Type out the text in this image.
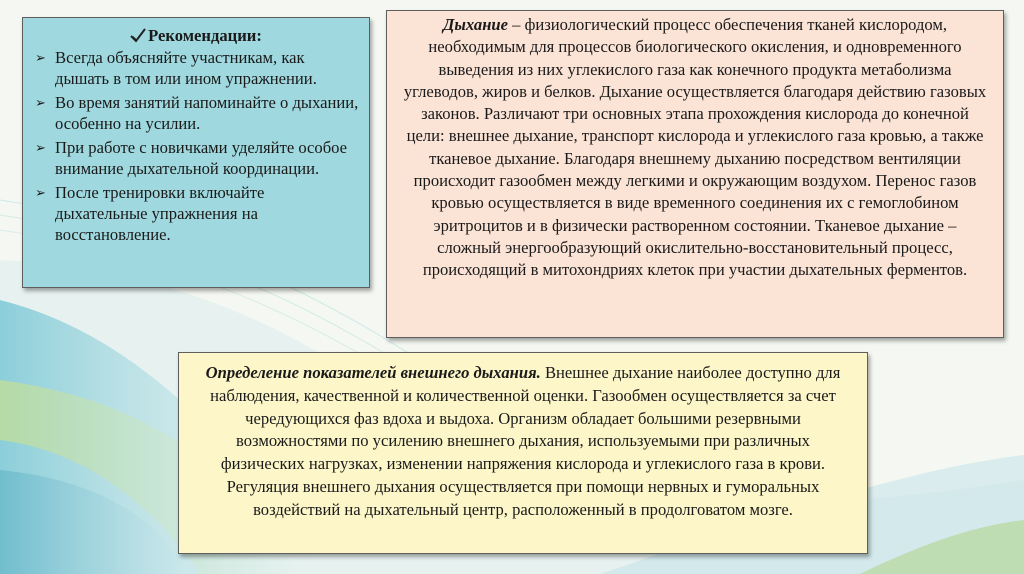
Рекомендации:
➢ Всегда объясняйте участникам, как дышать в том или ином упражнении.
➢ Во время занятий напоминайте о дыхании, особенно на усилии.
➢ При работе с новичками уделяйте особое внимание дыхательной координации.
➢ После тренировки включайте дыхательные упражнения на восстановление.
Дыхание – физиологический процесс обеспечения тканей кислородом, необходимым для процессов биологического окисления, и одновременного выведения из них углекислого газа как конечного продукта метаболизма углеводов, жиров и белков. Дыхание осуществляется благодаря действию газовых законов. Различают три основных этапа прохождения кислорода до конечной цели: внешнее дыхание, транспорт кислорода и углекислого газа кровью, а также тканевое дыхание. Благодаря внешнему дыханию посредством вентиляции происходит газообмен между легкими и окружающим воздухом. Перенос газов кровью осуществляется в виде временного соединения их с гемоглобином эритроцитов и в физически растворенном состоянии. Тканевое дыхание – сложный энергообразующий окислительно-восстановительный процесс, происходящий в митохондриях клеток при участии дыхательных ферментов.
Определение показателей внешнего дыхания. Внешнее дыхание наиболее доступно для наблюдения, качественной и количественной оценки. Газообмен осуществляется за счет чередующихся фаз вдоха и выдоха. Организм обладает большими резервными возможностями по усилению внешнего дыхания, используемыми при различных физических нагрузках, изменении напряжения кислорода и углекислого газа в крови. Регуляция внешнего дыхания осуществляется при помощи нервных и гуморальных воздействий на дыхательный центр, расположенный в продолговатом мозге.
